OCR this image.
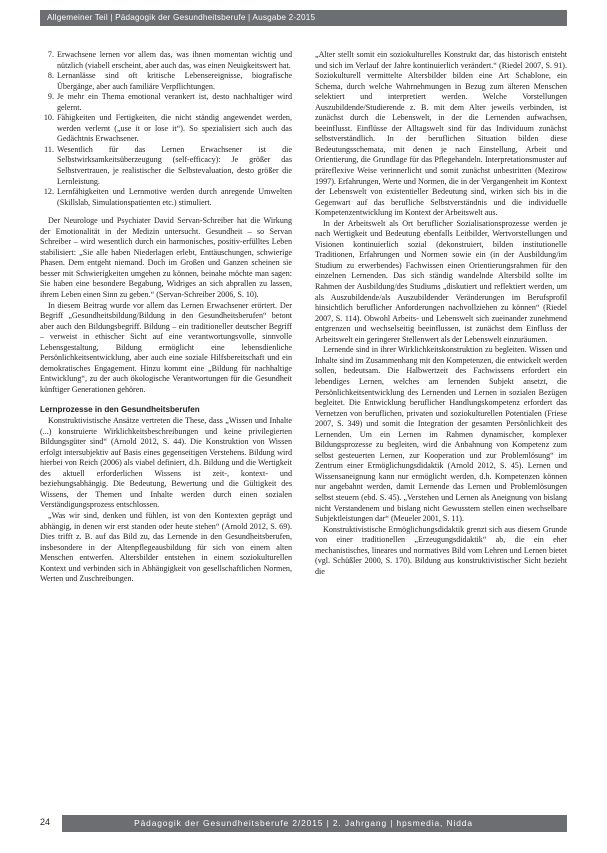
Allgemeiner Teil | Pädagogik der Gesundheitsberufe | Ausgabe 2-2015
7. Erwachsene lernen vor allem das, was ihnen momentan wichtig und nützlich (viabell erscheint, aber auch das, was einen Neuigkeitswert hat.
8. Lernanlässe sind oft kritische Lebensereignisse, biografische Übergänge, aber auch familiäre Verpflichtungen.
9. Je mehr ein Thema emotional verankert ist, desto nachhaltiger wird gelernt.
10. Fähigkeiten und Fertigkeiten, die nicht ständig angewendet werden, werden verlernt („use it or lose it“). So spezialisiert sich auch das Gedächtnis Erwachsener.
11. Wesentlich für das Lernen Erwachsener ist die Selbstwirksamkeitsüberzeugung (self-efficacy): Je größer das Selbstvertrauen, je realistischer die Selbstevaluation, desto größer die Lernleistung.
12. Lernfähigkeiten und Lernmotive werden durch anregende Umwelten (Skillslab, Simulationspatienten etc.) stimuliert.

Der Neurologe und Psychiater David Servan-Schreiber hat die Wirkung der Emotionalität in der Medizin untersucht. Gesundheit – so Servan Schreiber – wird wesentlich durch ein harmonisches, positiv-erfülltes Leben stabilisiert: „Sie alle haben Niederlagen erlebt, Enttäuschungen, schwierige Phasen. Dem entgeht niemand. Doch im Großen und Ganzen scheinen sie besser mit Schwierigkeiten umgehen zu können, beinahe möchte man sagen: Sie haben eine besondere Begabung, Widriges an sich abprallen zu lassen, ihrem Leben einen Sinn zu geben.“ (Servan-Schreiber 2006, S. 10).

In diesem Beitrag wurde vor allem das Lernen Erwachsener erörtert. Der Begriff „Gesundheitsbildung/Bildung in den Gesundheitsberufen“ betont aber auch den Bildungsbegriff. Bildung – ein traditioneller deutscher Begriff – verweist in ethischer Sicht auf eine verantwortungsvolle, sinnvolle Lebensgestaltung, Bildung ermöglicht eine lebensdienliche Persönlichkeitsentwicklung, aber auch eine soziale Hilfsbereitschaft und ein demokratisches Engagement. Hinzu kommt eine „Bildung für nachhaltige Entwicklung“, zu der auch ökologische Verantwortungen für die Gesundheit künftiger Generationen gehören.

Lernprozesse in den Gesundheitsberufen

Konstruktivistische Ansätze vertreten die These, dass „Wissen und Inhalte (...) konstruierte Wirklichkeitsbeschreibungen und keine privilegierten Bildungsgüter sind“ (Arnold 2012, S. 44). Die Konstruktion von Wissen erfolgt intersubjektiv auf Basis eines gegenseitigen Verstehens. Bildung wird hierbei von Reich (2006) als viabel definiert, d.h. Bildung und die Wertigkeit des aktuell erforderlichen Wissens ist zeit-, kontext- und beziehungsabhängig. Die Bedeutung, Bewertung und die Gültigkeit des Wissens, der Themen und Inhalte werden durch einen sozialen Verständigungsprozess entschlossen.

„Was wir sind, denken und fühlen, ist von den Kontexten geprägt und abhängig, in denen wir erst standen oder heute stehen“ (Arnold 2012, S. 69). Dies trifft z. B. auf das Bild zu, das Lernende in den Gesundheitsberufen, insbesondere in der Altenpflegeausbildung für sich von einem alten Menschen entwerfen. Altersbilder entstehen in einem soziokulturellen Kontext und verbinden sich in Abhängigkeit von gesellschaftlichen Normen, Werten und Zuschreibungen.

„Alter stellt somit ein soziokulturelles Konstrukt dar, das historisch entsteht und sich im Verlauf der Jahre kontinuierlich verändert.“ (Riedel 2007, S. 91). Soziokulturell vermittelte Altersbilder bilden eine Art Schablone, ein Schema, durch welche Wahrnehmungen in Bezug zum älteren Menschen selektiert und interpretiert werden. Welche Vorstellungen Auszubildende/Studierende z. B. mit dem Alter jeweils verbinden, ist zunächst durch die Lebenswelt, in der die Lernenden aufwachsen, beeinflusst. Einflüsse der Alltagswelt sind für das Individuum zunächst selbstverständlich. In der beruflichen Situation bilden diese Bedeutungsschemata, mit denen je nach Einstellung, Arbeit und Orientierung, die Grundlage für das Pflegehandeln. Interpretationsmuster auf präreflexive Weise verinnerlicht und somit zunächst unbestritten (Mezirow 1997). Erfahrungen, Werte und Normen, die in der Vergangenheit im Kontext der Lebenswelt von existentieller Bedeutung sind, wirken sich bis in die Gegenwart auf das berufliche Selbstverständnis und die individuelle Kompetenzentwicklung im Kontext der Arbeitswelt aus.

In der Arbeitswelt als Ort beruflicher Sozialisationsprozesse werden je nach Wertigkeit und Bedeutung ebenfalls Leitbilder, Wertvorstellungen und Visionen kontinuierlich sozial (dekonstruiert, bilden institutionelle Traditionen, Erfahrungen und Normen sowie ein (in der Ausbildung/im Studium zu erwerbendes) Fachwissen einen Orientierungsrahmen für den einzelnen Lernenden. Das sich ständig wandelnde Altersbild sollte im Rahmen der Ausbildung/des Studiums „diskutiert und reflektiert werden, um als Auszubildende/als Auszubildender Veränderungen im Berufsprofil hinsichtlich beruflicher Anforderungen nachvollziehen zu können“ (Riedel 2007, S. 114). Obwohl Arbeits- und Lebenswelt sich zueinander zunehmend entgrenzen und wechselseitig beeinflussen, ist zunächst dem Einfluss der Arbeitswelt ein geringerer Stellenwert als der Lebenswelt einzuräumen.

Lernende sind in ihrer Wirklichkeitskonstruktion zu begleiten. Wissen und Inhalte sind im Zusammenhang mit den Kompetenzen, die entwickelt werden sollen, bedeutsam. Die Halbwertzeit des Fachwissens erfordert ein lebendiges Lernen, welches am lernenden Subjekt ansetzt, die Persönlichkeitsentwicklung des Lernenden und Lernen in sozialen Bezügen begleitet. Die Entwicklung beruflicher Handlungskompetenz erfordert das Vernetzen von beruflichen, privaten und soziokulturellen Potentialen (Friese 2007, S. 349) und somit die Integration der gesamten Persönlichkeit des Lernenden. Um ein Lernen im Rahmen dynamischer, komplexer Bildungsprozesse zu begleiten, wird die Anbahnung von Kompetenz zum selbst gesteuerten Lernen, zur Kooperation und zur Problemlösung“ im Zentrum einer Ermöglichungsdidaktik (Arnold 2012, S. 45). Lernen und Wissensaneignung kann nur ermöglicht werden, d.h. Kompetenzen können nur angebahnt werden, damit Lernende das Lernen und Problemlösungen selbst steuern (ebd. S. 45). „Verstehen und Lernen als Aneignung von bislang nicht Verstandenem und bislang nicht Gewusstem stellen einen wechselbare Subjektleistungen dar“ (Meueler 2001, S. 11).

Konstruktivistische Ermöglichungsdidaktik grenzt sich aus diesem Grunde von einer traditionellen „Erzeugungsdidaktik“ ab, die ein eher mechanistisches, lineares und normatives Bild vom Lehren und Lernen bietet (vgl. Schüßler 2000, S. 170). Bildung aus konstruktivistischer Sicht bezieht die

24	Pädagogik der Gesundheitsberufe 2/2015 | 2. Jahrgang | hpsmedia, Nidda
